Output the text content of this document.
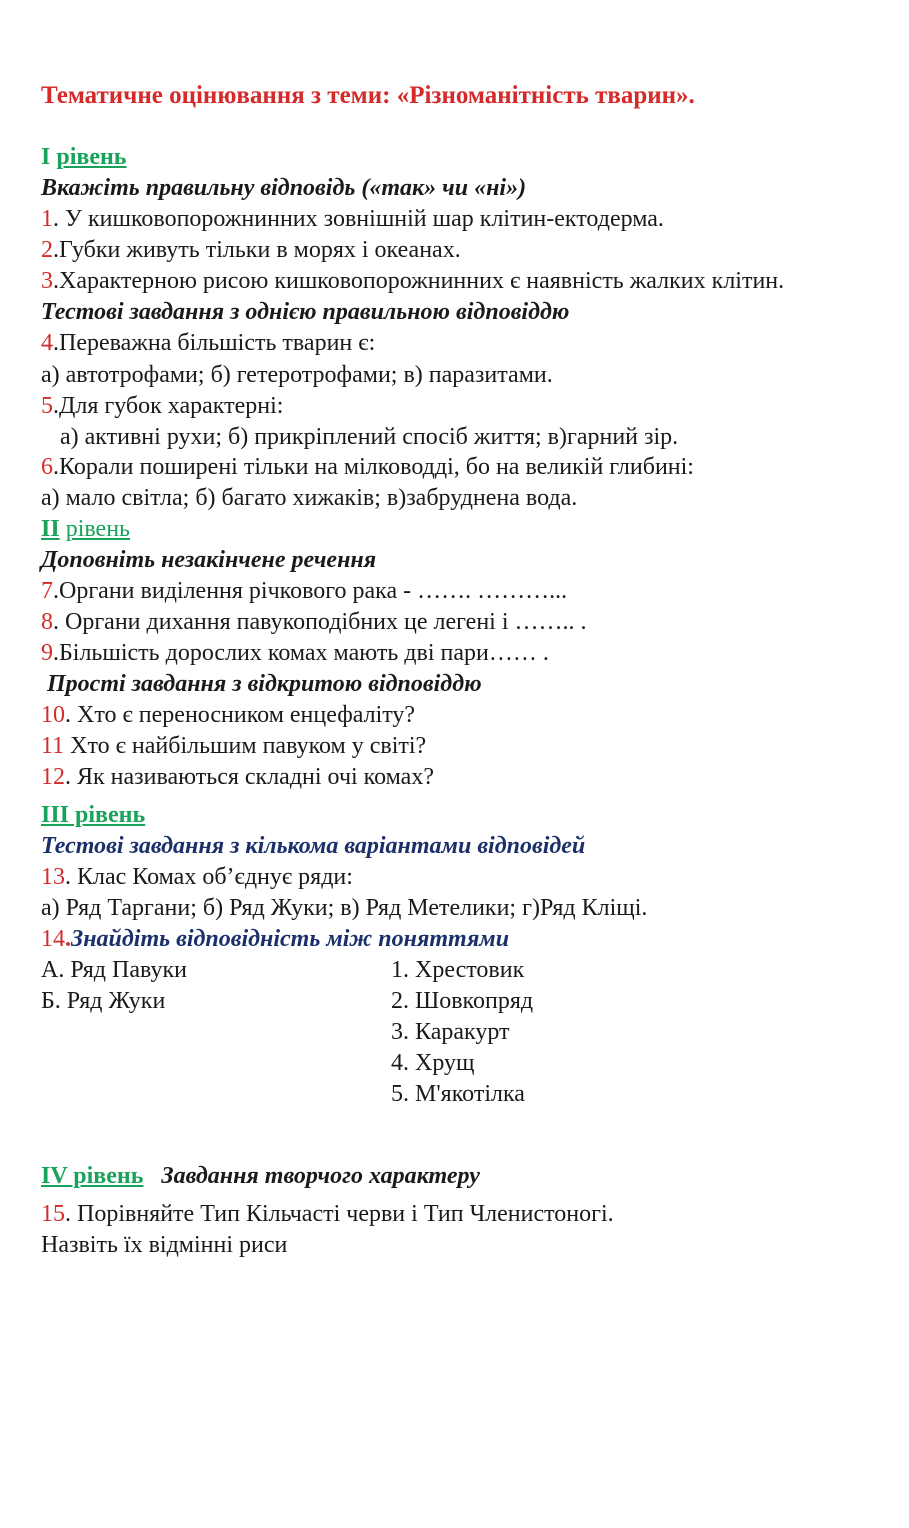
Тематичне оцінювання з теми: «Різноманітність тварин».
І рівень
Вкажіть правильну відповідь («так» чи «ні»)
1. У кишковопорожнинних зовнішній шар клітин-ектодерма.
2.Губки живуть тільки в морях і океанах.
3.Характерною рисою кишковопорожнинних є наявність жалких клітин.
Тестові завдання з однією правильною відповіддю
4.Переважна більшість тварин є:
а) автотрофами; б) гетеротрофами; в) паразитами.
5.Для губок характерні:
а) активні рухи; б) прикріплений спосіб життя; в)гарний зір.
6.Корали поширені тільки на мілководді, бо на великій глибині:
а) мало світла; б) багато хижаків; в)забруднена вода.
ІІ рівень
Доповніть незакінчене речення
7.Органи виділення річкового рака - ……. ………...
8. Органи дихання павукоподібних це легені і …….. .
9.Більшість дорослих комах мають дві пари…… .
Прості завдання з відкритою відповіддю
10. Хто є переносником енцефаліту?
11 Хто є найбільшим павуком у світі?
12. Як називаються складні очі комах?
ІІІ рівень
Тестові завдання з кількома варіантами відповідей
13. Клас Комах об’єднує ряди:
а) Ряд Таргани; б) Ряд Жуки; в) Ряд Метелики; г)Ряд Кліщі.
14.Знайдіть відповідність між поняттями
А. Ряд Павуки
Б. Ряд Жуки
1. Хрестовик
2. Шовкопряд
3. Каракурт
4. Хрущ
5. М'якотілка
ІV рівень Завдання творчого характеру
15. Порівняйте Тип Кільчасті черви і Тип Членистоногі.
Назвіть їх відмінні риси
